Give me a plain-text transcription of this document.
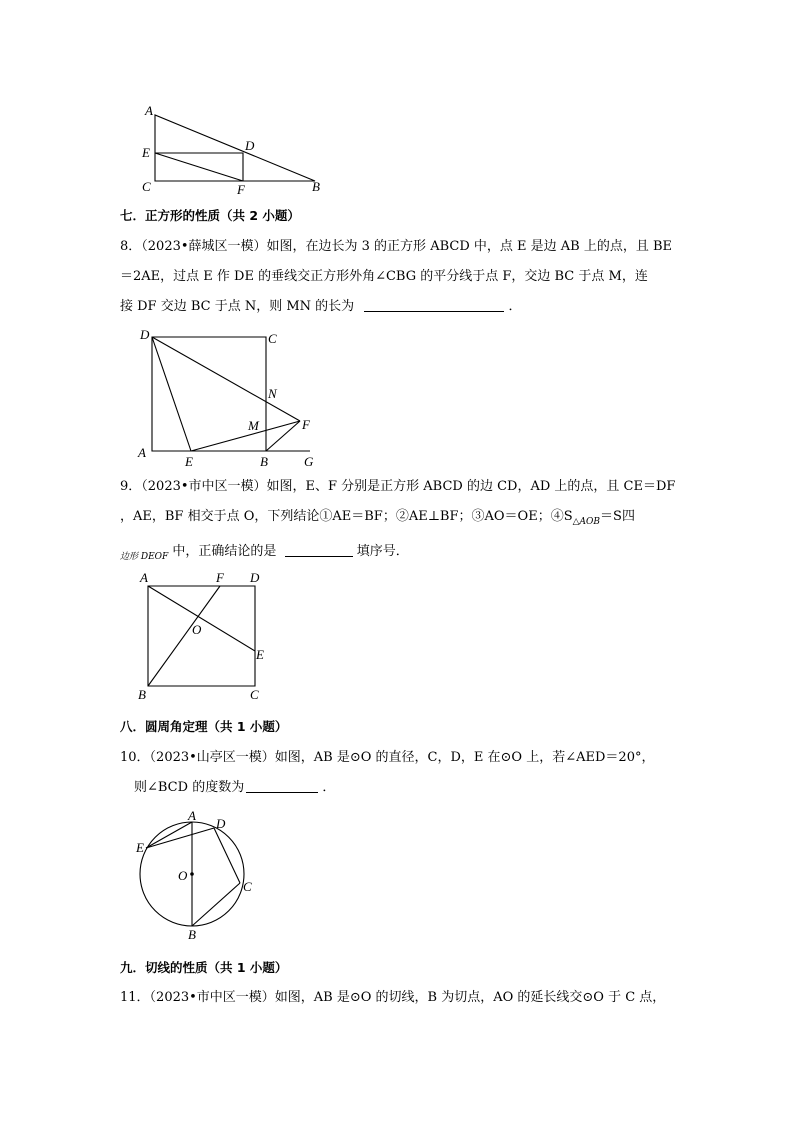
A
E
C
D
F	B
七．正方形的性质（共 2 小题）
8．（2023•薛城区一模）如图，在边长为 3 的正方形 ABCD 中，点 E 是边 AB 上的点，且 BE
＝2AE，过点 E 作 DE 的垂线交正方形外角∠CBG 的平分线于点 F，交边 BC 于点 M，连
接 DF 交边 BC 于点 N，则 MN 的长为	．
D	C
N
M	F
A
E	B	G
9．（2023•市中区一模）如图，E、F 分别是正方形 ABCD 的边 CD，AD 上的点，且 CE＝DF
，AE，BF 相交于点 O，下列结论①AE＝BF；②AE⊥BF；③AO＝OE；$④S_{\triangle AOB}=S$四
$_{边形 DEOF}$ 中，正确结论的是	填序号．
A	F D
O
E
B	C
八．圆周角定理（共 1 小题）
10．（2023•山亭区一模）如图，AB 是⊙O 的直径，C，D，E 在⊙O 上，若∠AED＝20°，
则∠BCD 的度数为	．
A
D
E
O
C
B
九．切线的性质（共 1 小题）
11．（2023•市中区一模）如图，AB 是⊙O 的切线，B 为切点，AO 的延长线交⊙O 于 C 点，
